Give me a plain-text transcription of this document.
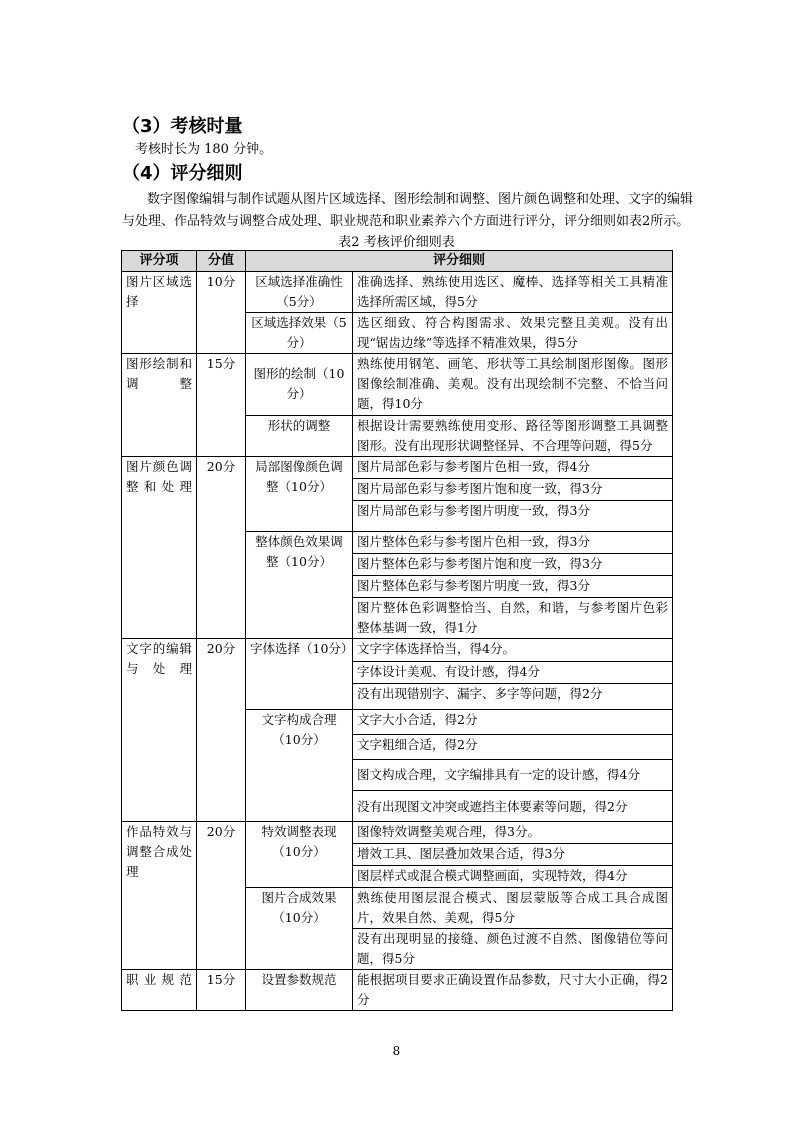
（3）考核时量
考核时长为 180 分钟。
（4）评分细则
数字图像编辑与制作试题从图片区域选择、图形绘制和调整、图片颜色调整和处理、文字的编辑
与处理、作品特效与调整合成处理、职业规范和职业素养六个方面进行评分，评分细则如表2所示。
表2 考核评价细则表
评分项	分值	评分细则	
图片区域选择	10分	区域选择准确性（5分）	准确选择、熟练使用选区、魔棒、选择等相关工具精准选择所需区域，得5分
		区域选择效果（5分）	选区细致、符合构图需求、效果完整且美观。没有出现“锯齿边缘”等选择不精准效果，得5分
图形绘制和调整	15分	图形的绘制（10分）	熟练使用钢笔、画笔、形状等工具绘制图形图像。图形图像绘制准确、美观。没有出现绘制不完整、不恰当问题，得10分
		形状的调整	根据设计需要熟练使用变形、路径等图形调整工具调整图形。没有出现形状调整怪异、不合理等问题，得5分
图片颜色调整和处理	20分	局部图像颜色调整（10分）	图片局部色彩与参考图片色相一致，得4分
			图片局部色彩与参考图片饱和度一致，得3分
			图片局部色彩与参考图片明度一致，得3分
		整体颜色效果调整（10分）	图片整体色彩与参考图片色相一致，得3分
			图片整体色彩与参考图片饱和度一致，得3分
			图片整体色彩与参考图片明度一致，得3分
			图片整体色彩调整恰当、自然，和谐，与参考图片色彩整体基调一致，得1分
文字的编辑与处理	20分	字体选择（10分）	文字字体选择恰当，得4分。
			字体设计美观、有设计感，得4分
			没有出现错别字、漏字、多字等问题，得2分
		文字构成合理（10分）	文字大小合适，得2分
			文字粗细合适，得2分
			图文构成合理，文字编排具有一定的设计感，得4分
			没有出现图文冲突或遮挡主体要素等问题，得2分
作品特效与调整合成处理	20分	特效调整表现（10分）	图像特效调整美观合理，得3分。
			增效工具、图层叠加效果合适，得3分
			图层样式或混合模式调整画面，实现特效，得4分
		图片合成效果（10分）	熟练使用图层混合模式、图层蒙版等合成工具合成图片，效果自然、美观，得5分
			没有出现明显的接缝、颜色过渡不自然、图像错位等问题，得5分
职业规范	15分	设置参数规范	能根据项目要求正确设置作品参数，尺寸大小正确，得2分
8
